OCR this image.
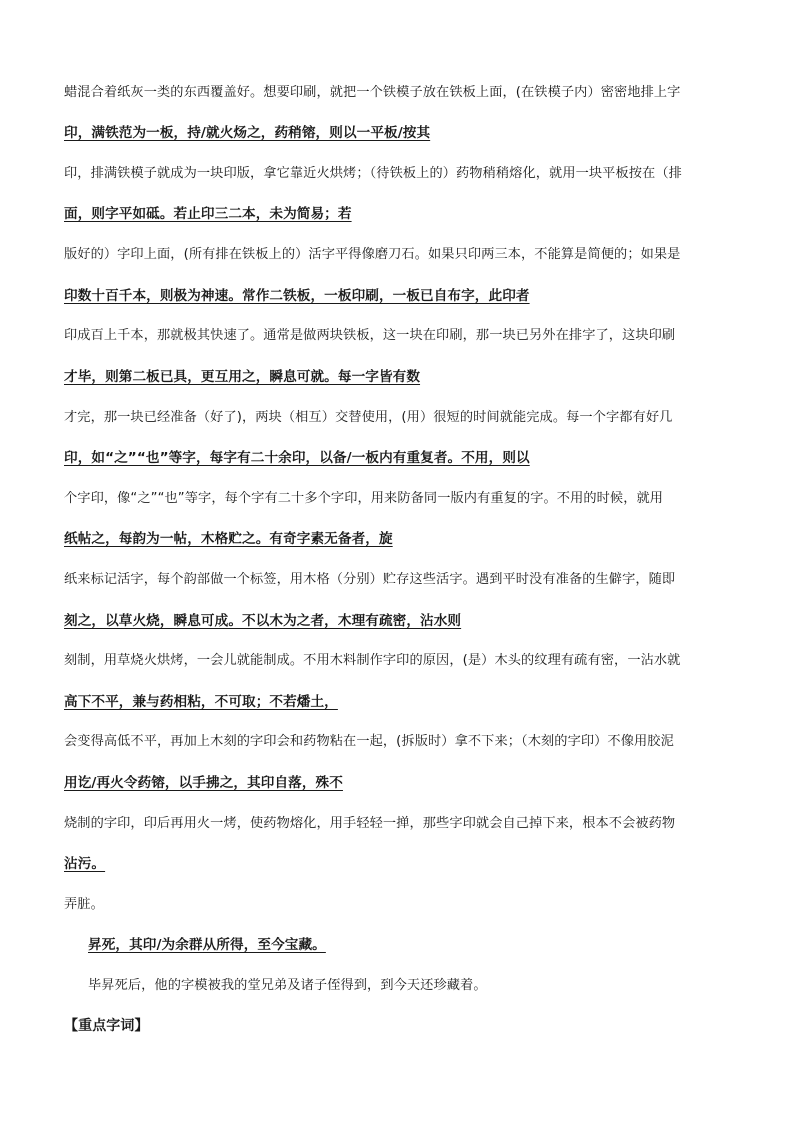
蜡混合着纸灰一类的东西覆盖好。想要印刷，就把一个铁模子放在铁板上面，(在铁模子内）密密地排上字
印，满铁范为一板，持/就火炀之，药稍镕，则以一平板/按其
印，排满铁模子就成为一块印版，拿它靠近火烘烤；（待铁板上的）药物稍稍熔化，就用一块平板按在（排
面，则字平如砥。若止印三二本，未为简易；若
版好的）字印上面，(所有排在铁板上的）活字平得像磨刀石。如果只印两三本，不能算是简便的；如果是
印数十百千本，则极为神速。常作二铁板，一板印刷，一板已自布字，此印者
印成百上千本，那就极其快速了。通常是做两块铁板，这一块在印刷，那一块已另外在排字了，这块印刷
才毕，则第二板已具，更互用之，瞬息可就。每一字皆有数
才完，那一块已经准备（好了)，两块（相互）交替使用，(用）很短的时间就能完成。每一个字都有好几
印，如“之”“也”等字，每字有二十余印，以备/一板内有重复者。不用，则以
个字印，像“之”“也”等字，每个字有二十多个字印，用来防备同一版内有重复的字。不用的时候，就用
纸帖之，每韵为一帖，木格贮之。有奇字素无备者，旋
纸来标记活字，每个韵部做一个标签，用木格（分别）贮存这些活字。遇到平时没有准备的生僻字，随即
刻之，以草火烧，瞬息可成。不以木为之者，木理有疏密，沾水则
刻制，用草烧火烘烤，一会儿就能制成。不用木料制作字印的原因，(是）木头的纹理有疏有密，一沾水就
高下不平，兼与药相粘，不可取；不若燔土，
会变得高低不平，再加上木刻的字印会和药物粘在一起，(拆版时）拿不下来；（木刻的字印）不像用胶泥
用讫/再火令药镕，以手拂之，其印自落，殊不
烧制的字印，印后再用火一烤，使药物熔化，用手轻轻一掸，那些字印就会自己掉下来，根本不会被药物
沾污。
弄脏。
昇死，其印/为余群从所得，至今宝藏。
毕昇死后，他的字模被我的堂兄弟及诸子侄得到，到今天还珍藏着。
【重点字词】
